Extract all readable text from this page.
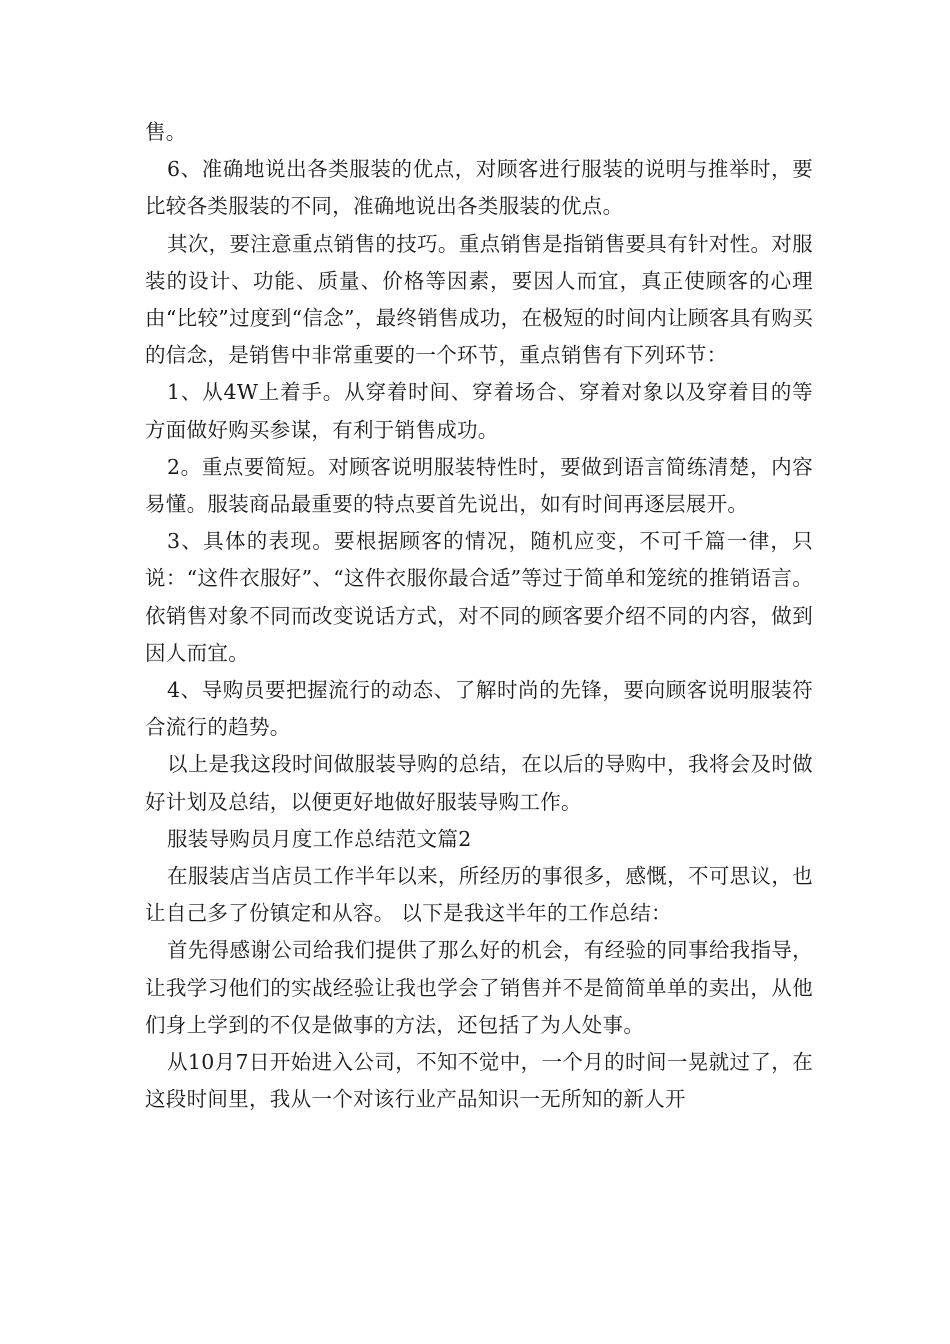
售。

6、准确地说出各类服装的优点，对顾客进行服装的说明与推举时，要比较各类服装的不同，准确地说出各类服装的优点。

其次，要注意重点销售的技巧。重点销售是指销售要具有针对性。对服装的设计、功能、质量、价格等因素，要因人而宜，真正使顾客的心理由“比较”过度到“信念”，最终销售成功，在极短的时间内让顾客具有购买的信念，是销售中非常重要的一个环节，重点销售有下列环节：

1、从4W上着手。从穿着时间、穿着场合、穿着对象以及穿着目的等方面做好购买参谋，有利于销售成功。

2。重点要简短。对顾客说明服装特性时，要做到语言简练清楚，内容易懂。服装商品最重要的特点要首先说出，如有时间再逐层展开。

3、具体的表现。要根据顾客的情况，随机应变，不可千篇一律，只说：“这件衣服好”、“这件衣服你最合适”等过于简单和笼统的推销语言。依销售对象不同而改变说话方式，对不同的顾客要介绍不同的内容，做到因人而宜。

4、导购员要把握流行的动态、了解时尚的先锋，要向顾客说明服装符合流行的趋势。

以上是我这段时间做服装导购的总结，在以后的导购中，我将会及时做好计划及总结，以便更好地做好服装导购工作。

服装导购员月度工作总结范文篇2

在服装店当店员工作半年以来，所经历的事很多，感慨，不可思议，也让自己多了份镇定和从容。 以下是我这半年的工作总结：

首先得感谢公司给我们提供了那么好的机会，有经验的同事给我指导，让我学习他们的实战经验让我也学会了销售并不是简简单单的卖出，从他们身上学到的不仅是做事的方法，还包括了为人处事。

从10月7日开始进入公司，不知不觉中，一个月的时间一晃就过了，在这段时间里，我从一个对该行业产品知识一无所知的新人开
